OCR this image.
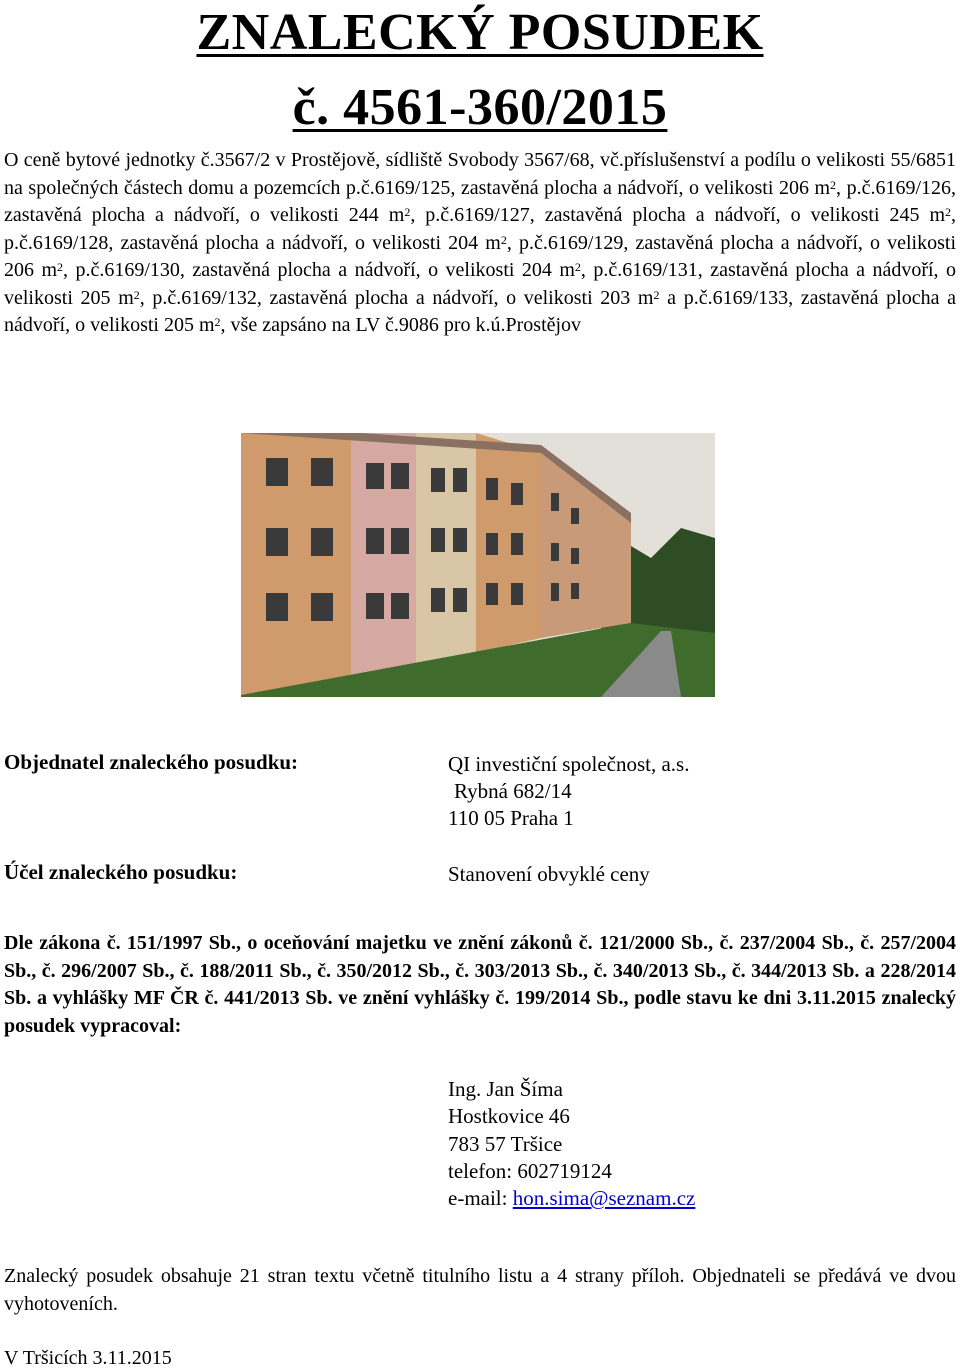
ZNALECKÝ POSUDEK
č. 4561-360/2015
O ceně bytové jednotky č.3567/2 v Prostějově, sídliště Svobody 3567/68, vč.příslušenství a podílu o velikosti 55/6851 na společných částech domu a pozemcích p.č.6169/125, zastavěná plocha a nádvoří, o velikosti 206 $m^2$, p.č.6169/126, zastavěná plocha a nádvoří, o velikosti 244 $m^2$, p.č.6169/127, zastavěná plocha a nádvoří, o velikosti 245 $m^2$, p.č.6169/128, zastavěná plocha a nádvoří, o velikosti 204 $m^2$, p.č.6169/129, zastavěná plocha a nádvoří, o velikosti 206 $m^2$, p.č.6169/130, zastavěná plocha a nádvoří, o velikosti 204 $m^2$, p.č.6169/131, zastavěná plocha a nádvoří, o velikosti 205 $m^2$, p.č.6169/132, zastavěná plocha a nádvoří, o velikosti 203 $m^2$ a p.č.6169/133, zastavěná plocha a nádvoří, o velikosti 205 $m^2$, vše zapsáno na LV č.9086 pro k.ú.Prostějov
Objednatel znaleckého posudku:	QI investiční společnost, a.s.
Rybná 682/14
110 05 Praha 1
Účel znaleckého posudku:	Stanovení obvyklé ceny
Dle zákona č. 151/1997 Sb., o oceňování majetku ve znění zákonů č. 121/2000 Sb., č. 237/2004 Sb., č. 257/2004 Sb., č. 296/2007 Sb., č. 188/2011 Sb., č. 350/2012 Sb., č. 303/2013 Sb., č. 340/2013 Sb., č. 344/2013 Sb. a 228/2014 Sb. a vyhlášky MF ČR č. 441/2013 Sb. ve znění vyhlášky č. 199/2014 Sb., podle stavu ke dni 3.11.2015 znalecký posudek vypracoval:
Ing. Jan Šíma
Hostkovice 46
783 57 Tršice
telefon: 602719124
e-mail: hon.sima@seznam.cz
Znalecký posudek obsahuje 21 stran textu včetně titulního listu a 4 strany příloh. Objednateli se předává ve dvou vyhotoveních.
V Tršicích 3.11.2015
